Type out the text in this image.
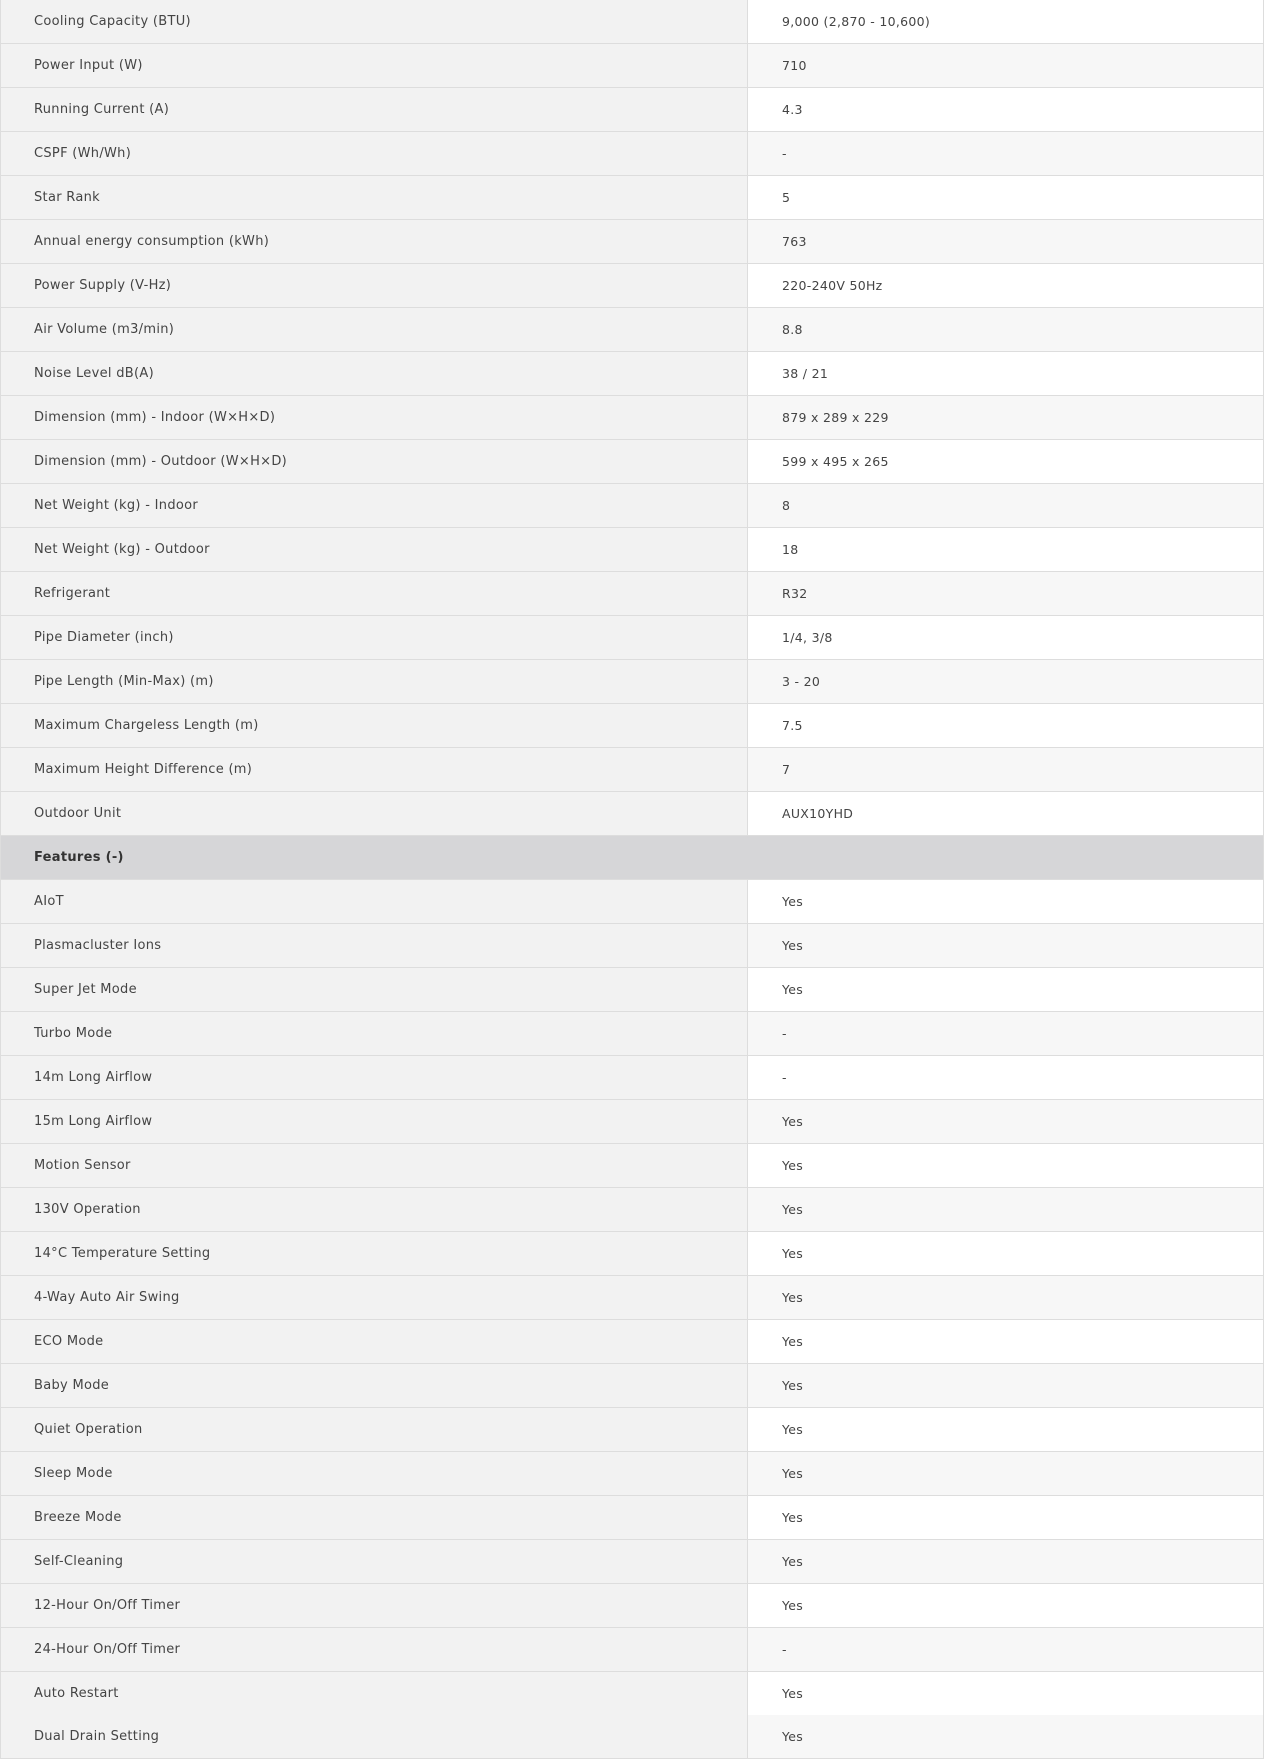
Cooling Capacity (BTU)	9,000 (2,870 - 10,600)
Power Input (W)	710
Running Current (A)	4.3
CSPF (Wh/Wh)	-
Star Rank	5
Annual energy consumption (kWh)	763
Power Supply (V-Hz)	220-240V 50Hz
Air Volume (m3/min)	8.8
Noise Level dB(A)	38 / 21
Dimension (mm) - Indoor (W×H×D)	879 x 289 x 229
Dimension (mm) - Outdoor (W×H×D)	599 x 495 x 265
Net Weight (kg) - Indoor	8
Net Weight (kg) - Outdoor	18
Refrigerant	R32
Pipe Diameter (inch)	1/4, 3/8
Pipe Length (Min-Max) (m)	3 - 20
Maximum Chargeless Length (m)	7.5
Maximum Height Difference (m)	7
Outdoor Unit	AUX10YHD
Features (-)
AIoT	Yes
Plasmacluster Ions	Yes
Super Jet Mode	Yes
Turbo Mode	-
14m Long Airflow	-
15m Long Airflow	Yes
Motion Sensor	Yes
130V Operation	Yes
14°C Temperature Setting	Yes
4-Way Auto Air Swing	Yes
ECO Mode	Yes
Baby Mode	Yes
Quiet Operation	Yes
Sleep Mode	Yes
Breeze Mode	Yes
Self-Cleaning	Yes
12-Hour On/Off Timer	Yes
24-Hour On/Off Timer	-
Auto Restart	Yes
Dual Drain Setting	Yes
